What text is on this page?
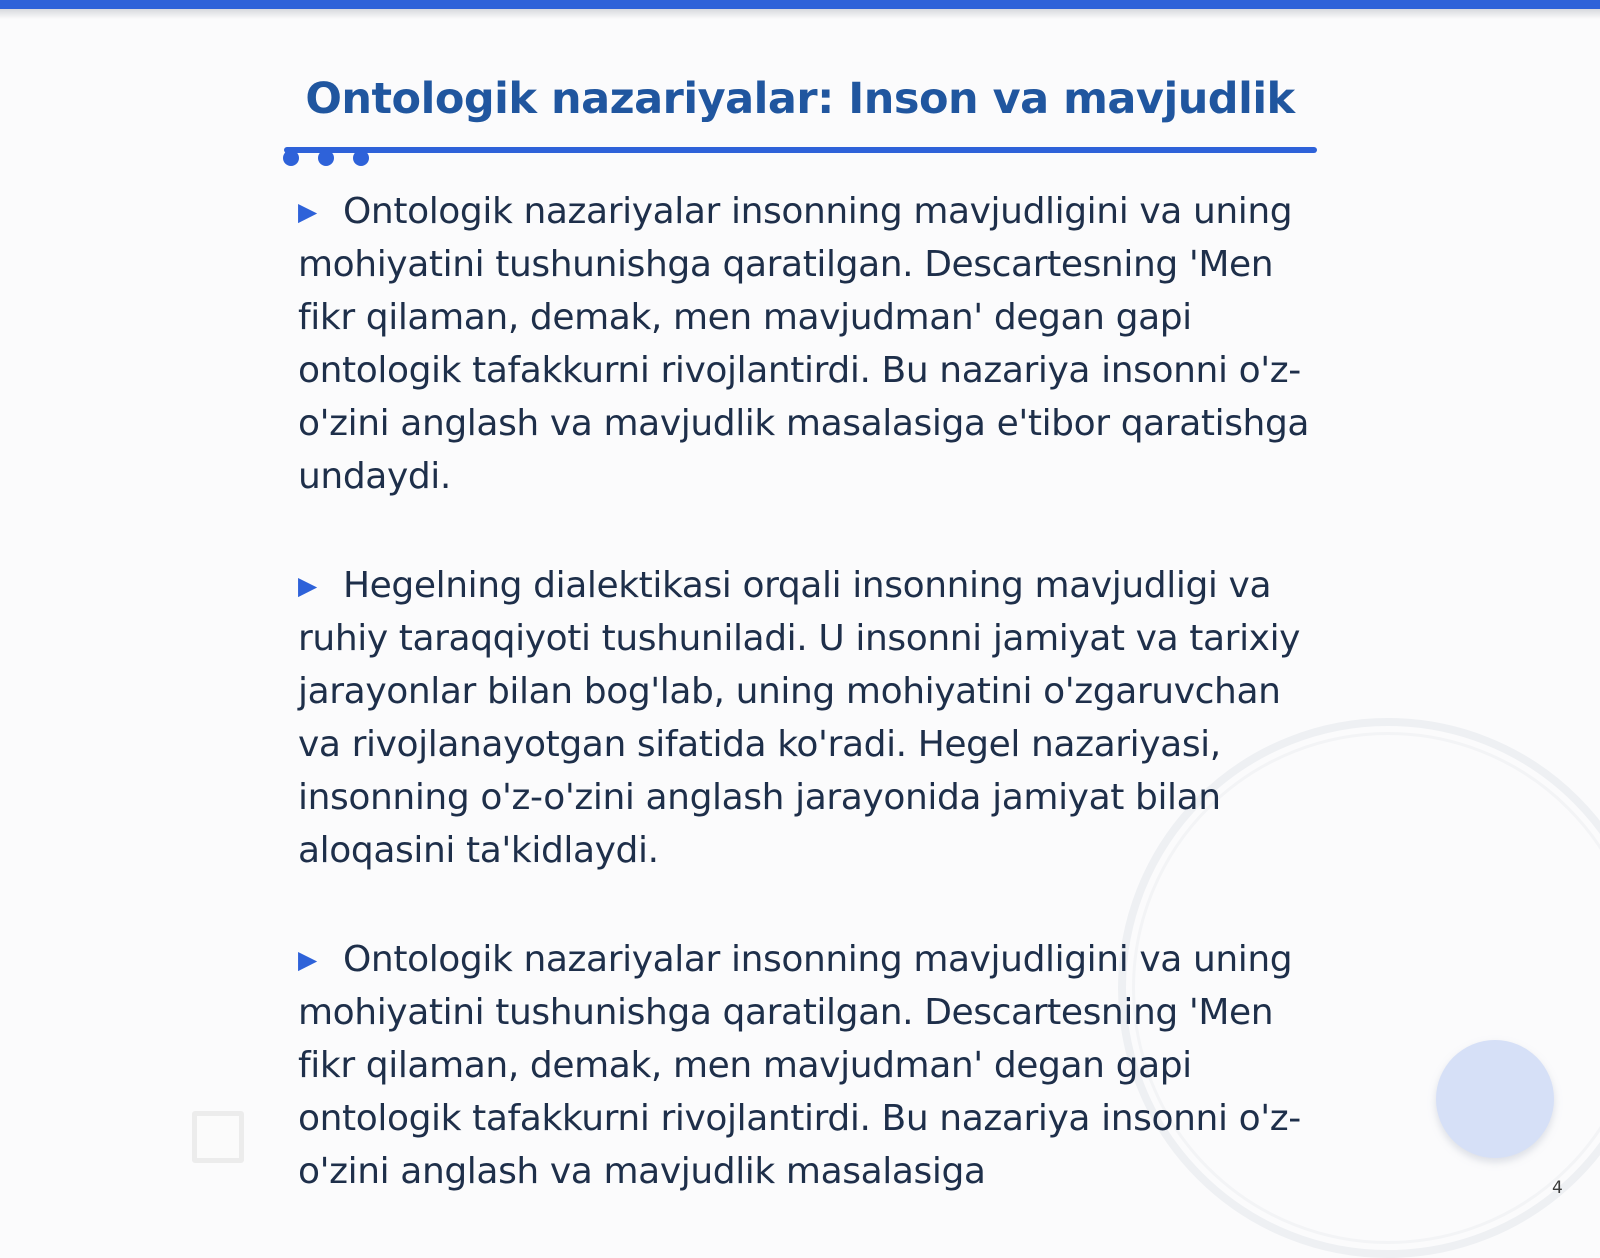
Ontologik nazariyalar: Inson va mavjudlik

▶ Ontologik nazariyalar insonning mavjudligini va uning mohiyatini tushunishga qaratilgan. Descartesning 'Men fikr qilaman, demak, men mavjudman' degan gapi ontologik tafakkurni rivojlantirdi. Bu nazariya insonni o'z-o'zini anglash va mavjudlik masalasiga e'tibor qaratishga undaydi.

▶ Hegelning dialektikasi orqali insonning mavjudligi va ruhiy taraqqiyoti tushuniladi. U insonni jamiyat va tarixiy jarayonlar bilan bog'lab, uning mohiyatini o'zgaruvchan va rivojlanayotgan sifatida ko'radi. Hegel nazariyasi, insonning o'z-o'zini anglash jarayonida jamiyat bilan aloqasini ta'kidlaydi.

▶ Ontologik nazariyalar insonning mavjudligini va uning mohiyatini tushunishga qaratilgan. Descartesning 'Men fikr qilaman, demak, men mavjudman' degan gapi ontologik tafakkurni rivojlantirdi. Bu nazariya insonni o'z-o'zini anglash va mavjudlik masalasiga	4
